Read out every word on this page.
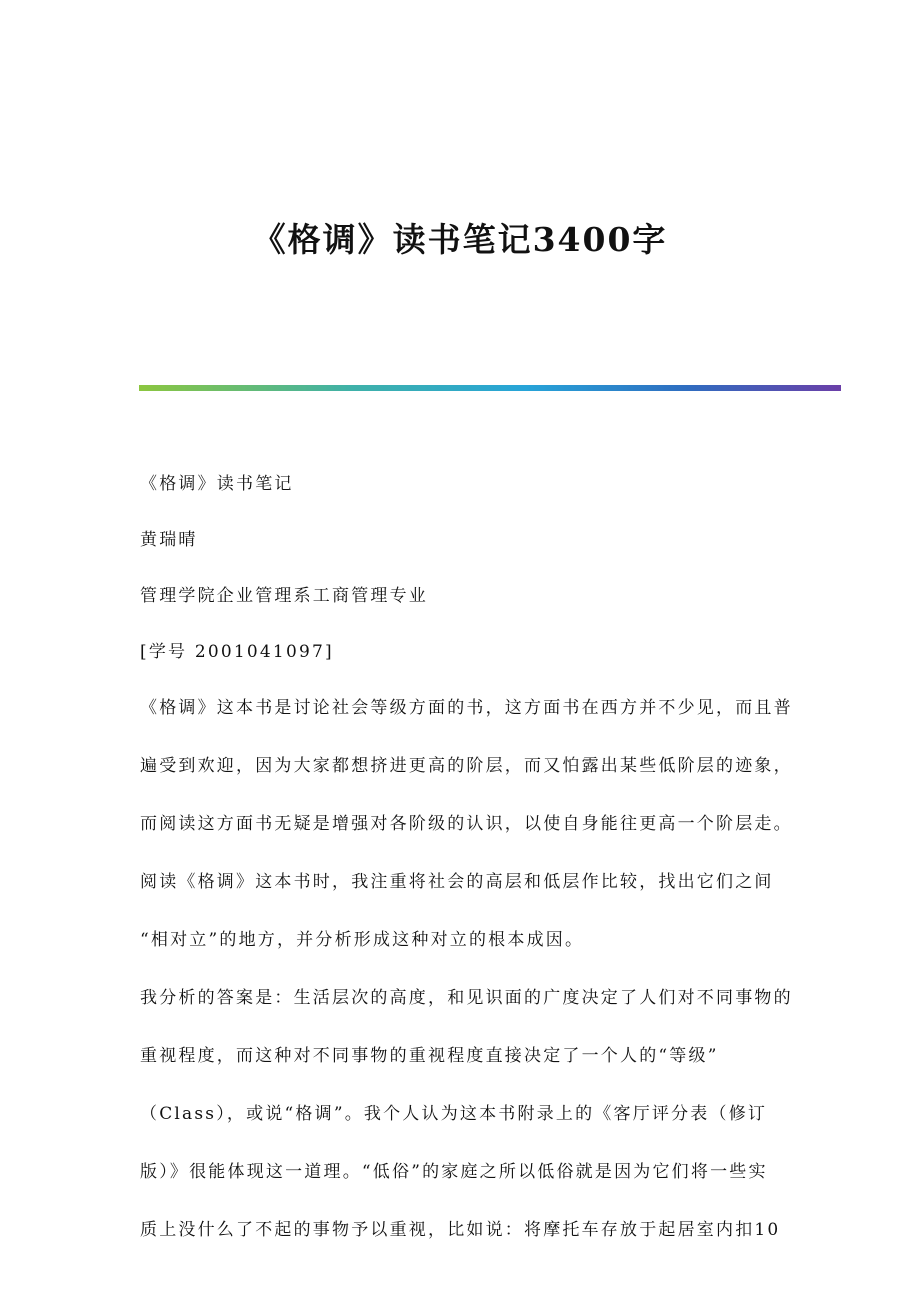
《格调》读书笔记3400字
《格调》读书笔记
黄瑞晴
管理学院企业管理系工商管理专业
[学号 2001041097]
《格调》这本书是讨论社会等级方面的书，这方面书在西方并不少见，而且普
遍受到欢迎，因为大家都想挤进更高的阶层，而又怕露出某些低阶层的迹象，
而阅读这方面书无疑是增强对各阶级的认识，以使自身能往更高一个阶层走。
阅读《格调》这本书时，我注重将社会的高层和低层作比较，找出它们之间
“相对立”的地方，并分析形成这种对立的根本成因。
我分析的答案是：生活层次的高度，和见识面的广度决定了人们对不同事物的
重视程度，而这种对不同事物的重视程度直接决定了一个人的“等级”
（Class），或说“格调”。我个人认为这本书附录上的《客厅评分表（修订
版）》很能体现这一道理。“低俗”的家庭之所以低俗就是因为它们将一些实
质上没什么了不起的事物予以重视，比如说：将摩托车存放于起居室内扣10
